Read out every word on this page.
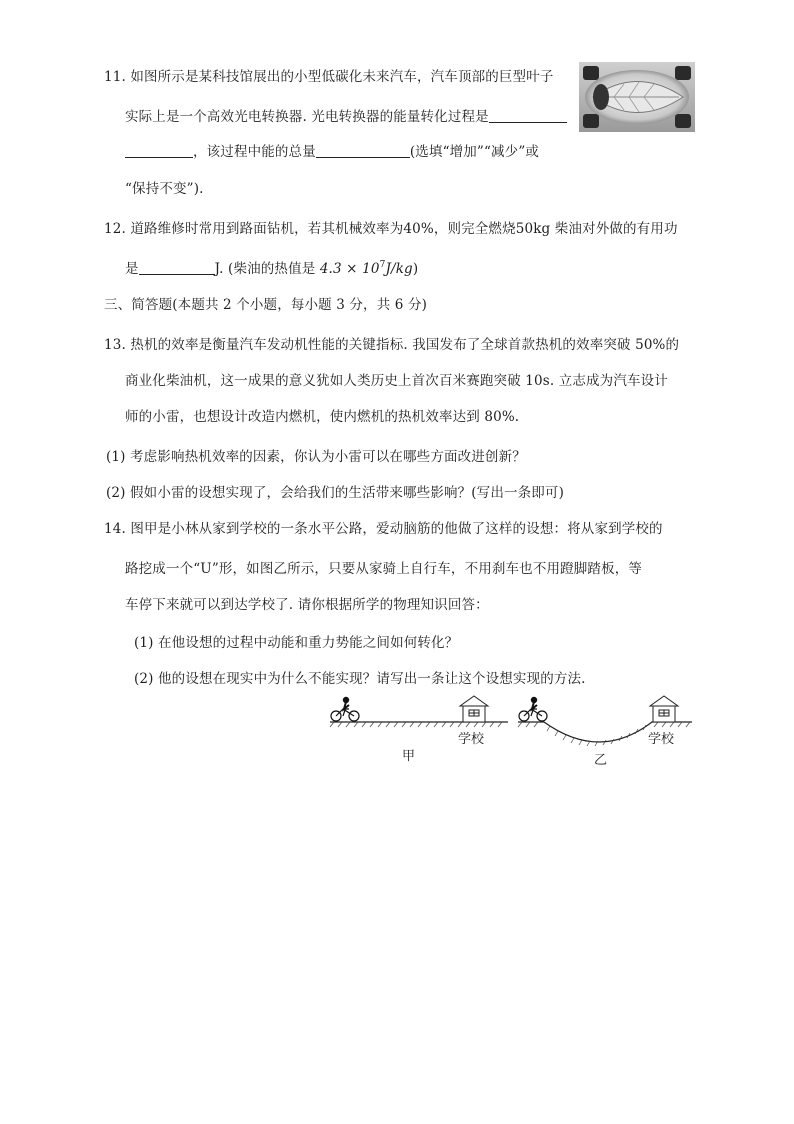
11. 如图所示是某科技馆展出的小型低碳化未来汽车，汽车顶部的巨型叶子
实际上是一个高效光电转换器. 光电转换器的能量转化过程是
，该过程中能的总量	(选填“增加”“减少”或
“保持不变”).
12. 道路维修时常用到路面钻机，若其机械效率为40%，则完全燃烧50kg 柴油对外做的有用功
是	J. (柴油的热值是 $4.3 \times 10^7J/kg$)
三、简答题(本题共 2 个小题，每小题 3 分，共 6 分)
13. 热机的效率是衡量汽车发动机性能的关键指标. 我国发布了全球首款热机的效率突破 50%的
商业化柴油机，这一成果的意义犹如人类历史上首次百米赛跑突破 10s. 立志成为汽车设计
师的小雷，也想设计改造内燃机，使内燃机的热机效率达到 80%.
(1) 考虑影响热机效率的因素，你认为小雷可以在哪些方面改进创新？
(2) 假如小雷的设想实现了，会给我们的生活带来哪些影响？(写出一条即可)
14. 图甲是小林从家到学校的一条水平公路，爱动脑筋的他做了这样的设想：将从家到学校的
路挖成一个“U”形，如图乙所示，只要从家骑上自行车，不用刹车也不用蹬脚踏板，等
车停下来就可以到达学校了. 请你根据所学的物理知识回答：
(1) 在他设想的过程中动能和重力势能之间如何转化？
(2) 他的设想在现实中为什么不能实现？请写出一条让这个设想实现的方法.
学校
甲
学校
乙
